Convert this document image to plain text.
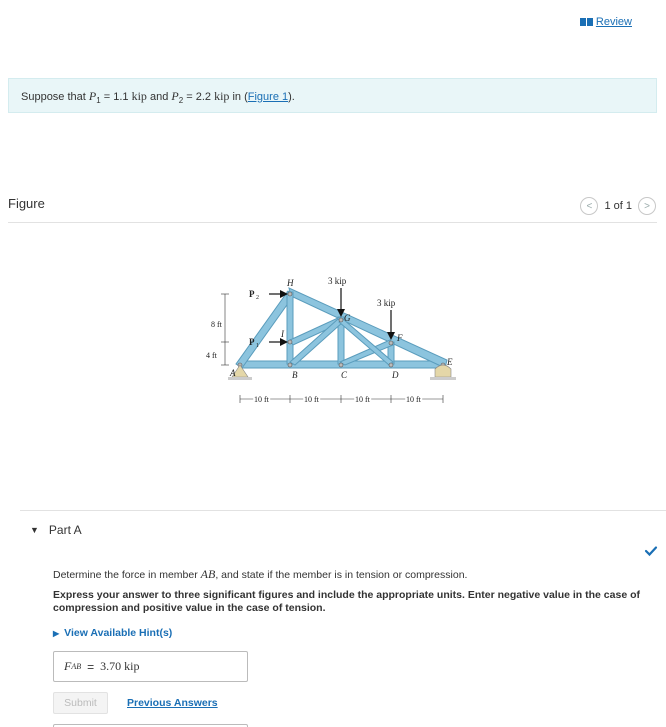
Review
Suppose that $P_1 = 1.1$ kip and $P_2 = 2.2$ kip in (Figure 1).
Figure	<	1 of 1	>
3 kip
3 kip
P 2
P 1
H
I
G
F
E
A	B	C	D
8 ft
4 ft
10 ft	10 ft	10 ft	10 ft
▼ Part A
Determine the force in member AB, and state if the member is in tension or compression.
Express your answer to three significant figures and include the appropriate units. Enter negative value in the case of compression and positive value in the case of tension.
▶ View Available Hint(s)
F AB = 3.70 kip
Submit	Previous Answers
